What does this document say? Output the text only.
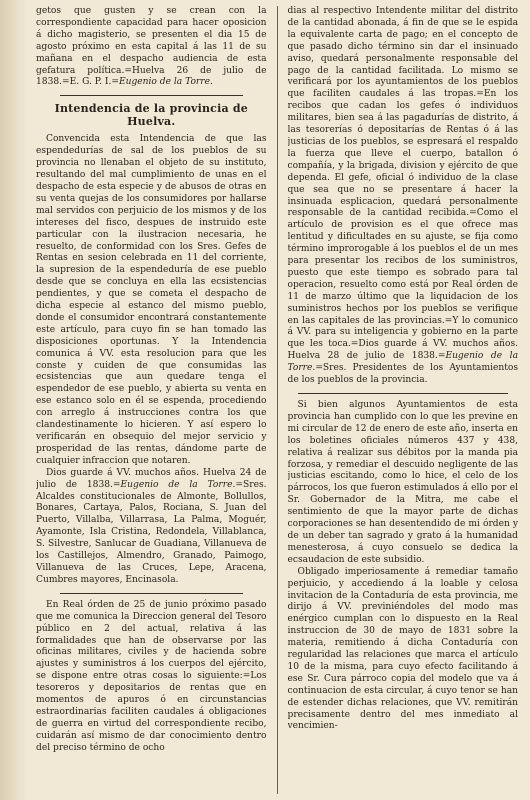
getos que gusten y se crean con la correspondiente capacidad para hacer oposicion á dicho magisterio, se presenten el dia 15 de agosto próximo en esta capital á las 11 de su mañana en el despacho audiencia de esta gefatura política.=Huelva 26 de julio de 1838.=E. G. P. I.=Eugenio de la Torre.

Intendencia de la provincia de Huelva.

Convencida esta Intendencia de que las espendedurías de sal de los pueblos de su provincia no llenaban el objeto de su instituto, resultando del mal cumplimiento de unas en el despacho de esta especie y de abusos de otras en su venta quejas de los consumidores por hallarse mal servidos con perjuicio de los mismos y de los intereses del fisco, despues de instruido este particular con la ilustracion necesaria, he resuelto, de conformidad con los Sres. Gefes de Rentas en sesion celebrada en 11 del corriente, la supresion de la espendeduría de ese pueblo desde que se concluya en ella las ecsistencias pendientes, y que se cometa el despacho de dicha especie al estanco del mismo pueblo, donde el consumidor encontrará constantemente este artículo, para cuyo fin se han tomado las disposiciones oportunas. Y la Intendencia comunica á VV. esta resolucion para que les conste y cuiden de que consumidas las ecsistencias que aun quedare tenga el espendedor de ese pueblo, y abierta su venta en ese estanco solo en él se espenda, procediendo con arreglo á instrucciones contra los que clandestinamente lo hicieren. Y así espero lo verificarán en obsequio del mejor servicio y prosperidad de las rentas, dándome parte de cualquier infraccion que notaren.

Dios guarde á VV. muchos años. Huelva 24 de julio de 1838.=Eugenio de la Torre.=Sres. Alcaldes constitucionales de Almonte, Bollullos, Bonares, Cartaya, Palos, Rociana, S. Juan del Puerto, Villalba, Villarrasa, La Palma, Moguér, Ayamonte, Isla Cristina, Redondela, Villablanca, S. Silvestre, Sanlucar de Guadiana, Villanueva de los Castillejos, Almendro, Granado, Paimogo, Villanueva de las Cruces, Lepe, Aracena, Cumbres mayores, Encinasola.

En Real órden de 25 de junio próximo pasado que me comunica la Direccion general del Tesoro público en 2 del actual, relativa á las formalidades que han de observarse por las oficinas militares, civiles y de hacienda sobre ajustes y suministros á los cuerpos del ejército, se dispone entre otras cosas lo siguiente:=Los tesoreros y depositarios de rentas que en momentos de apuros ó en circunstancias estraordinarias faciliten caudales á obligaciones de guerra en virtud del correspondiente recibo, cuidarán así mismo de dar conocimiento dentro del preciso término de ocho

dias al respectivo Intendente militar del distrito de la cantidad abonada, á fin de que se le espida la equivalente carta de pago; en el concepto de que pasado dicho término sin dar el insinuado aviso, quedará personalmente responsable del pago de la cantidad facilitada. Lo mismo se verificará por los ayuntamientos de los pueblos que faciliten caudales á las tropas.=En los recibos que cadan los gefes ó individuos militares, bien sea á las pagadurías de distrito, á las tesorerías ó depositarías de Rentas ó á las justicias de los pueblos, se espresará el respaldo la fuerza que lleve el cuerpo, batallon ó compañía, y la brigada, division y ejército de que dependa. El gefe, oficial ó individuo de la clase que sea que no se presentare á hacer la insinuada esplicacion, quedará personalmente responsable de la cantidad recibida.=Como el artículo de provision es el que ofrece mas lentitud y dificultades en su ajuste, se fija como término improrogable á los pueblos el de un mes para presentar los recibos de los suministros, puesto que este tiempo es sobrado para tal operacion, resuelto como está por Real órden de 11 de marzo último que la liquidacion de los suministros hechos por los pueblos se verifique en las capitales de las provincias.=Y lo comunico á VV. para su inteligencia y gobierno en la parte que les toca.=Dios guarde á VV. muchos años. Huelva 28 de julio de 1838.=Eugenio de la Torre.=Sres. Presidentes de los Ayuntamientos de los pueblos de la provincia.

Si bien algunos Ayuntamientos de esta provincia han cumplido con lo que les previne en mi circular de 12 de enero de este año, inserta en los boletines oficiales números 437 y 438, relativa á realizar sus débitos por la manda pia forzosa, y remediar el descuido negligente de las justicias escitando, como lo hice, el celo de los párrocos, los que fueron estimulados á ello por el Sr. Gobernador de la Mitra, me cabe el sentimiento de que la mayor parte de dichas corporaciones se han desentendido de mi órden y de un deber tan sagrado y grato á la humanidad menesterosa, á cuyo consuelo se dedica la ecsaudacion de este subsidio.

Obligado imperiosamente á remediar tamaño perjuicio, y accediendo á la loable y celosa invitacion de la Contaduría de esta provincia, me dirijo á VV. previniéndoles del modo mas enérgico cumplan con lo dispuesto en la Real instruccion de 30 de mayo de 1831 sobre la materia, remitiendo á dicha Contaduría con regularidad las relaciones que marca el artículo 10 de la misma, para cuyo efecto facilitando á ese Sr. Cura párroco copia del modelo que va á continuacion de esta circular, á cuyo tenor se han de estender dichas relaciones, que VV. remitirán precisamente dentro del mes inmediato al vencimien-
